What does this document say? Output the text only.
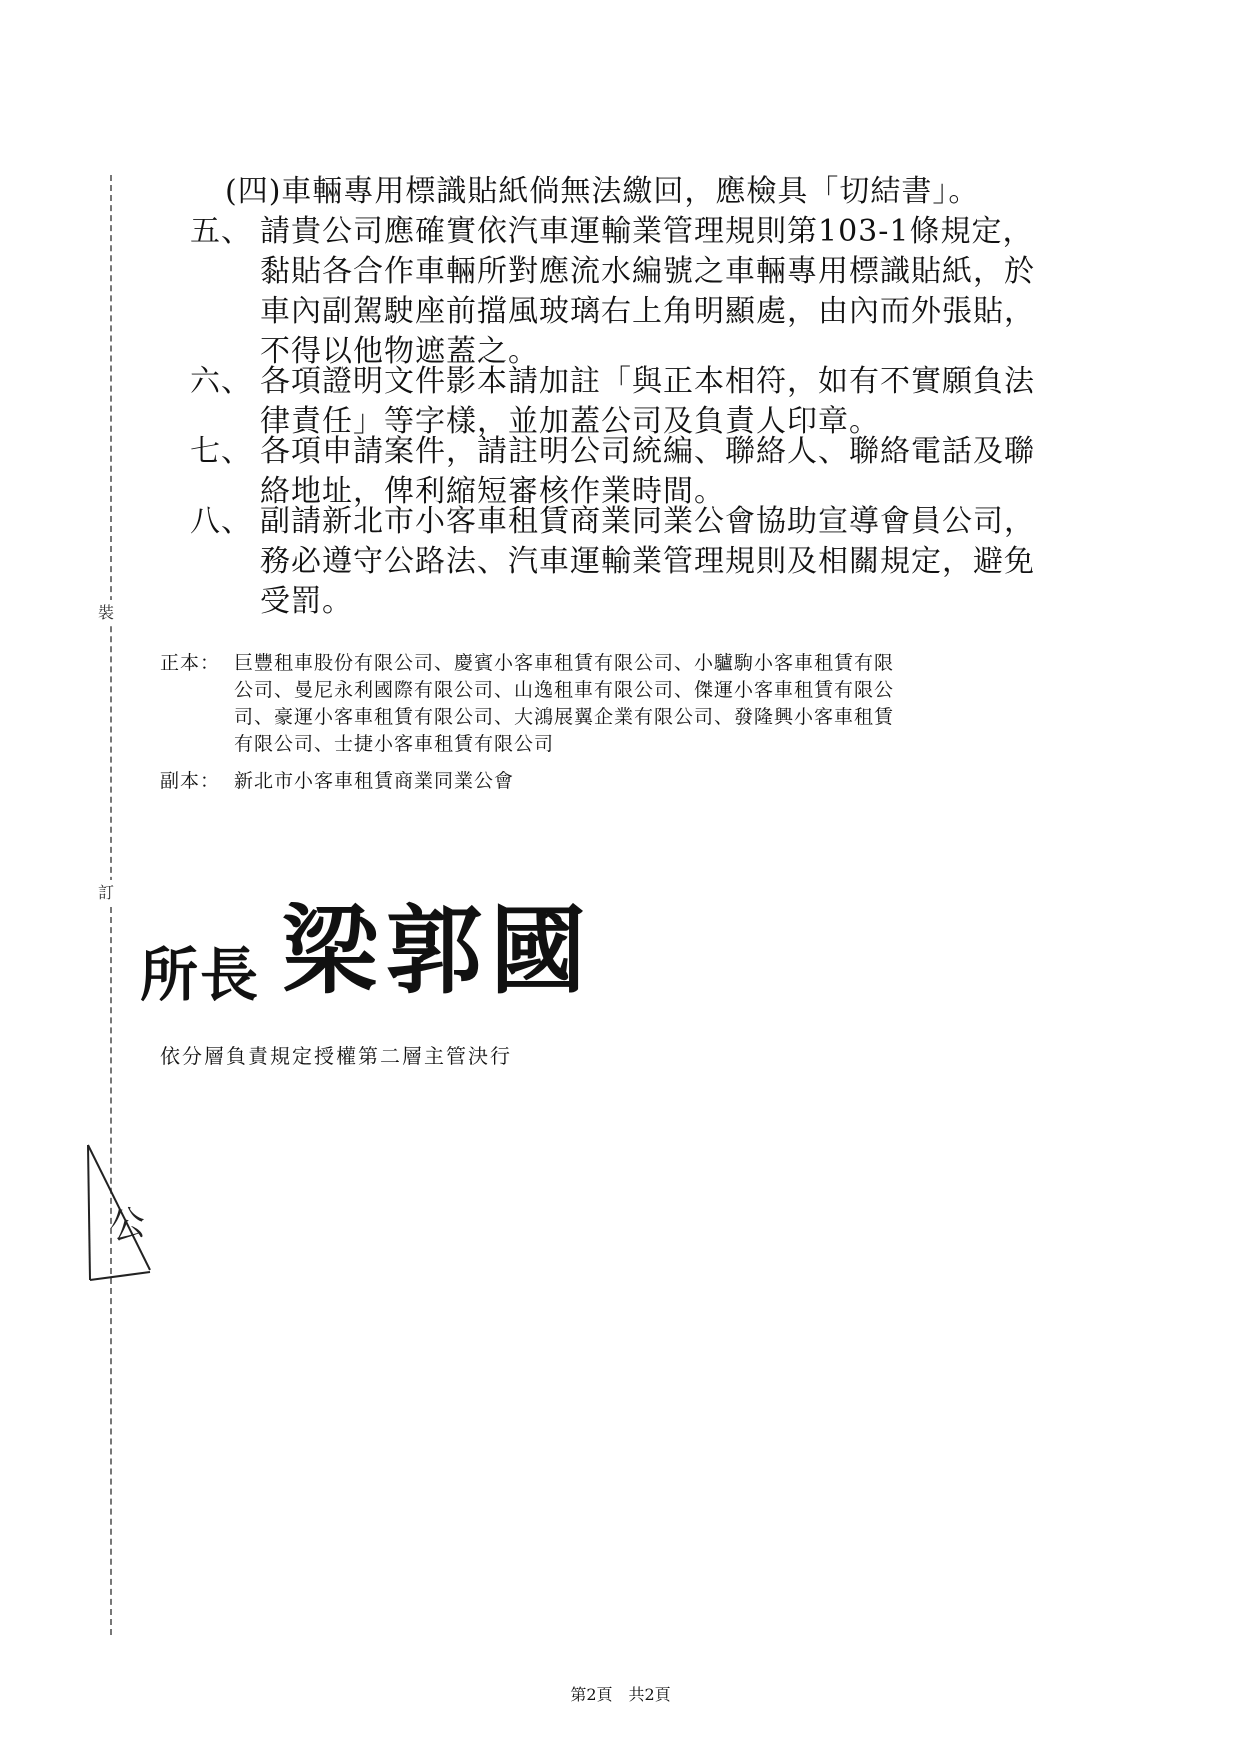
裝
訂
(四)車輛專用標識貼紙倘無法繳回，應檢具「切結書」。
五、 請貴公司應確實依汽車運輸業管理規則第103-1條規定，
黏貼各合作車輛所對應流水編號之車輛專用標識貼紙，於
車內副駕駛座前擋風玻璃右上角明顯處，由內而外張貼，
不得以他物遮蓋之。
六、 各項證明文件影本請加註「與正本相符，如有不實願負法
律責任」等字樣，並加蓋公司及負責人印章。
七、 各項申請案件，請註明公司統編、聯絡人、聯絡電話及聯
絡地址，俾利縮短審核作業時間。
八、 副請新北市小客車租賃商業同業公會協助宣導會員公司，
務必遵守公路法、汽車運輸業管理規則及相關規定，避免
受罰。
正本： 巨豐租車股份有限公司、慶賓小客車租賃有限公司、小驢駒小客車租賃有限
公司、曼尼永利國際有限公司、山逸租車有限公司、傑運小客車租賃有限公
司、豪運小客車租賃有限公司、大鴻展翼企業有限公司、發隆興小客車租賃
有限公司、士捷小客車租賃有限公司
副本： 新北市小客車租賃商業同業公會
所長 梁郭國
依分層負責規定授權第二層主管決行
公
第2頁　共2頁
